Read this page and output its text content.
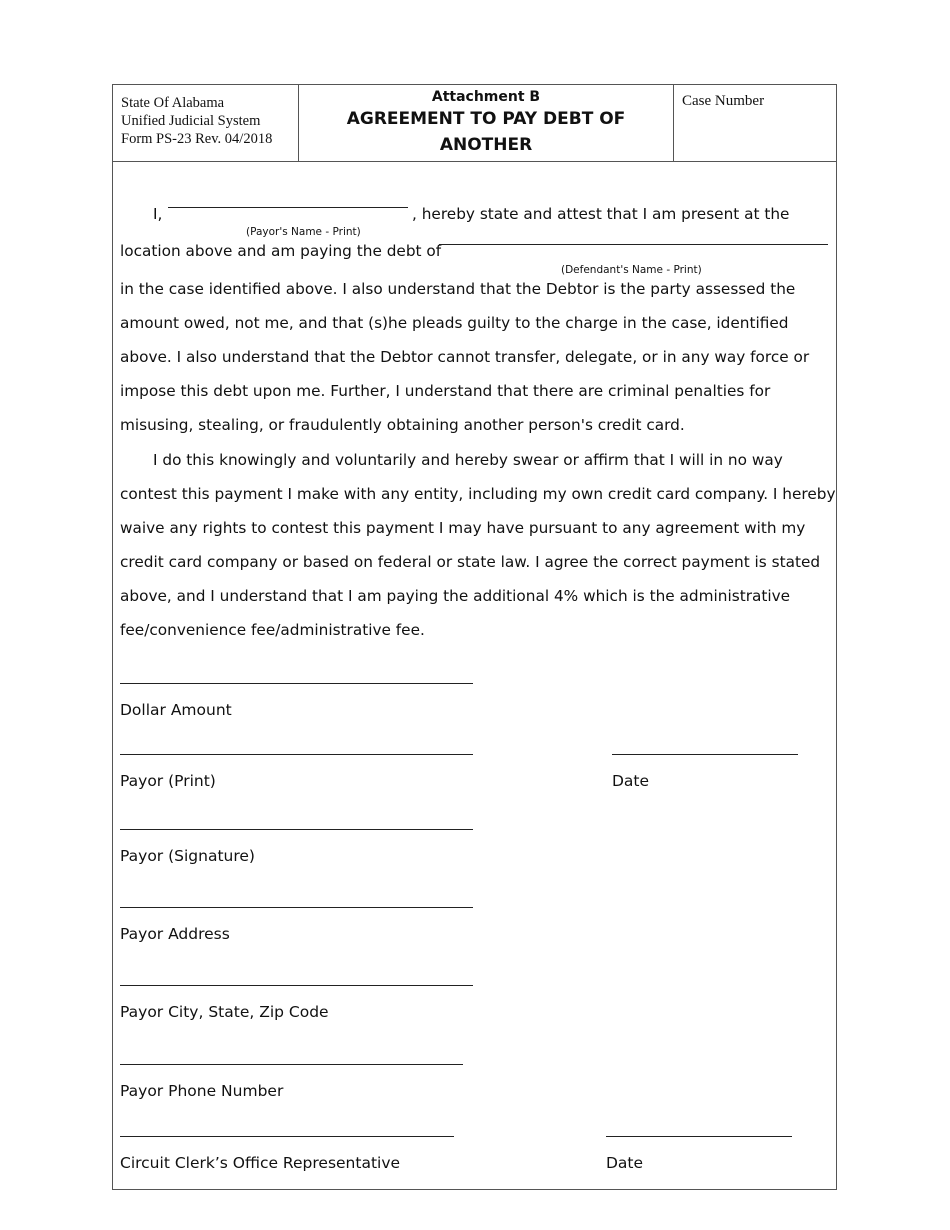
State Of Alabama
Unified Judicial System
Form PS-23 Rev. 04/2018
Attachment B
AGREEMENT TO PAY DEBT OF
ANOTHER
Case Number
I,	, hereby state and attest that I am present at the
(Payor's Name - Print)
location above and am paying the debt of
(Defendant's Name - Print)
in the case identified above. I also understand that the Debtor is the party assessed the
amount owed, not me, and that (s)he pleads guilty to the charge in the case, identified
above. I also understand that the Debtor cannot transfer, delegate, or in any way force or
impose this debt upon me. Further, I understand that there are criminal penalties for
misusing, stealing, or fraudulently obtaining another person's credit card.
I do this knowingly and voluntarily and hereby swear or affirm that I will in no way
contest this payment I make with any entity, including my own credit card company. I hereby
waive any rights to contest this payment I may have pursuant to any agreement with my
credit card company or based on federal or state law. I agree the correct payment is stated
above, and I understand that I am paying the additional 4% which is the administrative
fee/convenience fee/administrative fee.
Dollar Amount
Payor (Print)	Date
Payor (Signature)
Payor Address
Payor City, State, Zip Code
Payor Phone Number
Circuit Clerk’s Office Representative	Date
